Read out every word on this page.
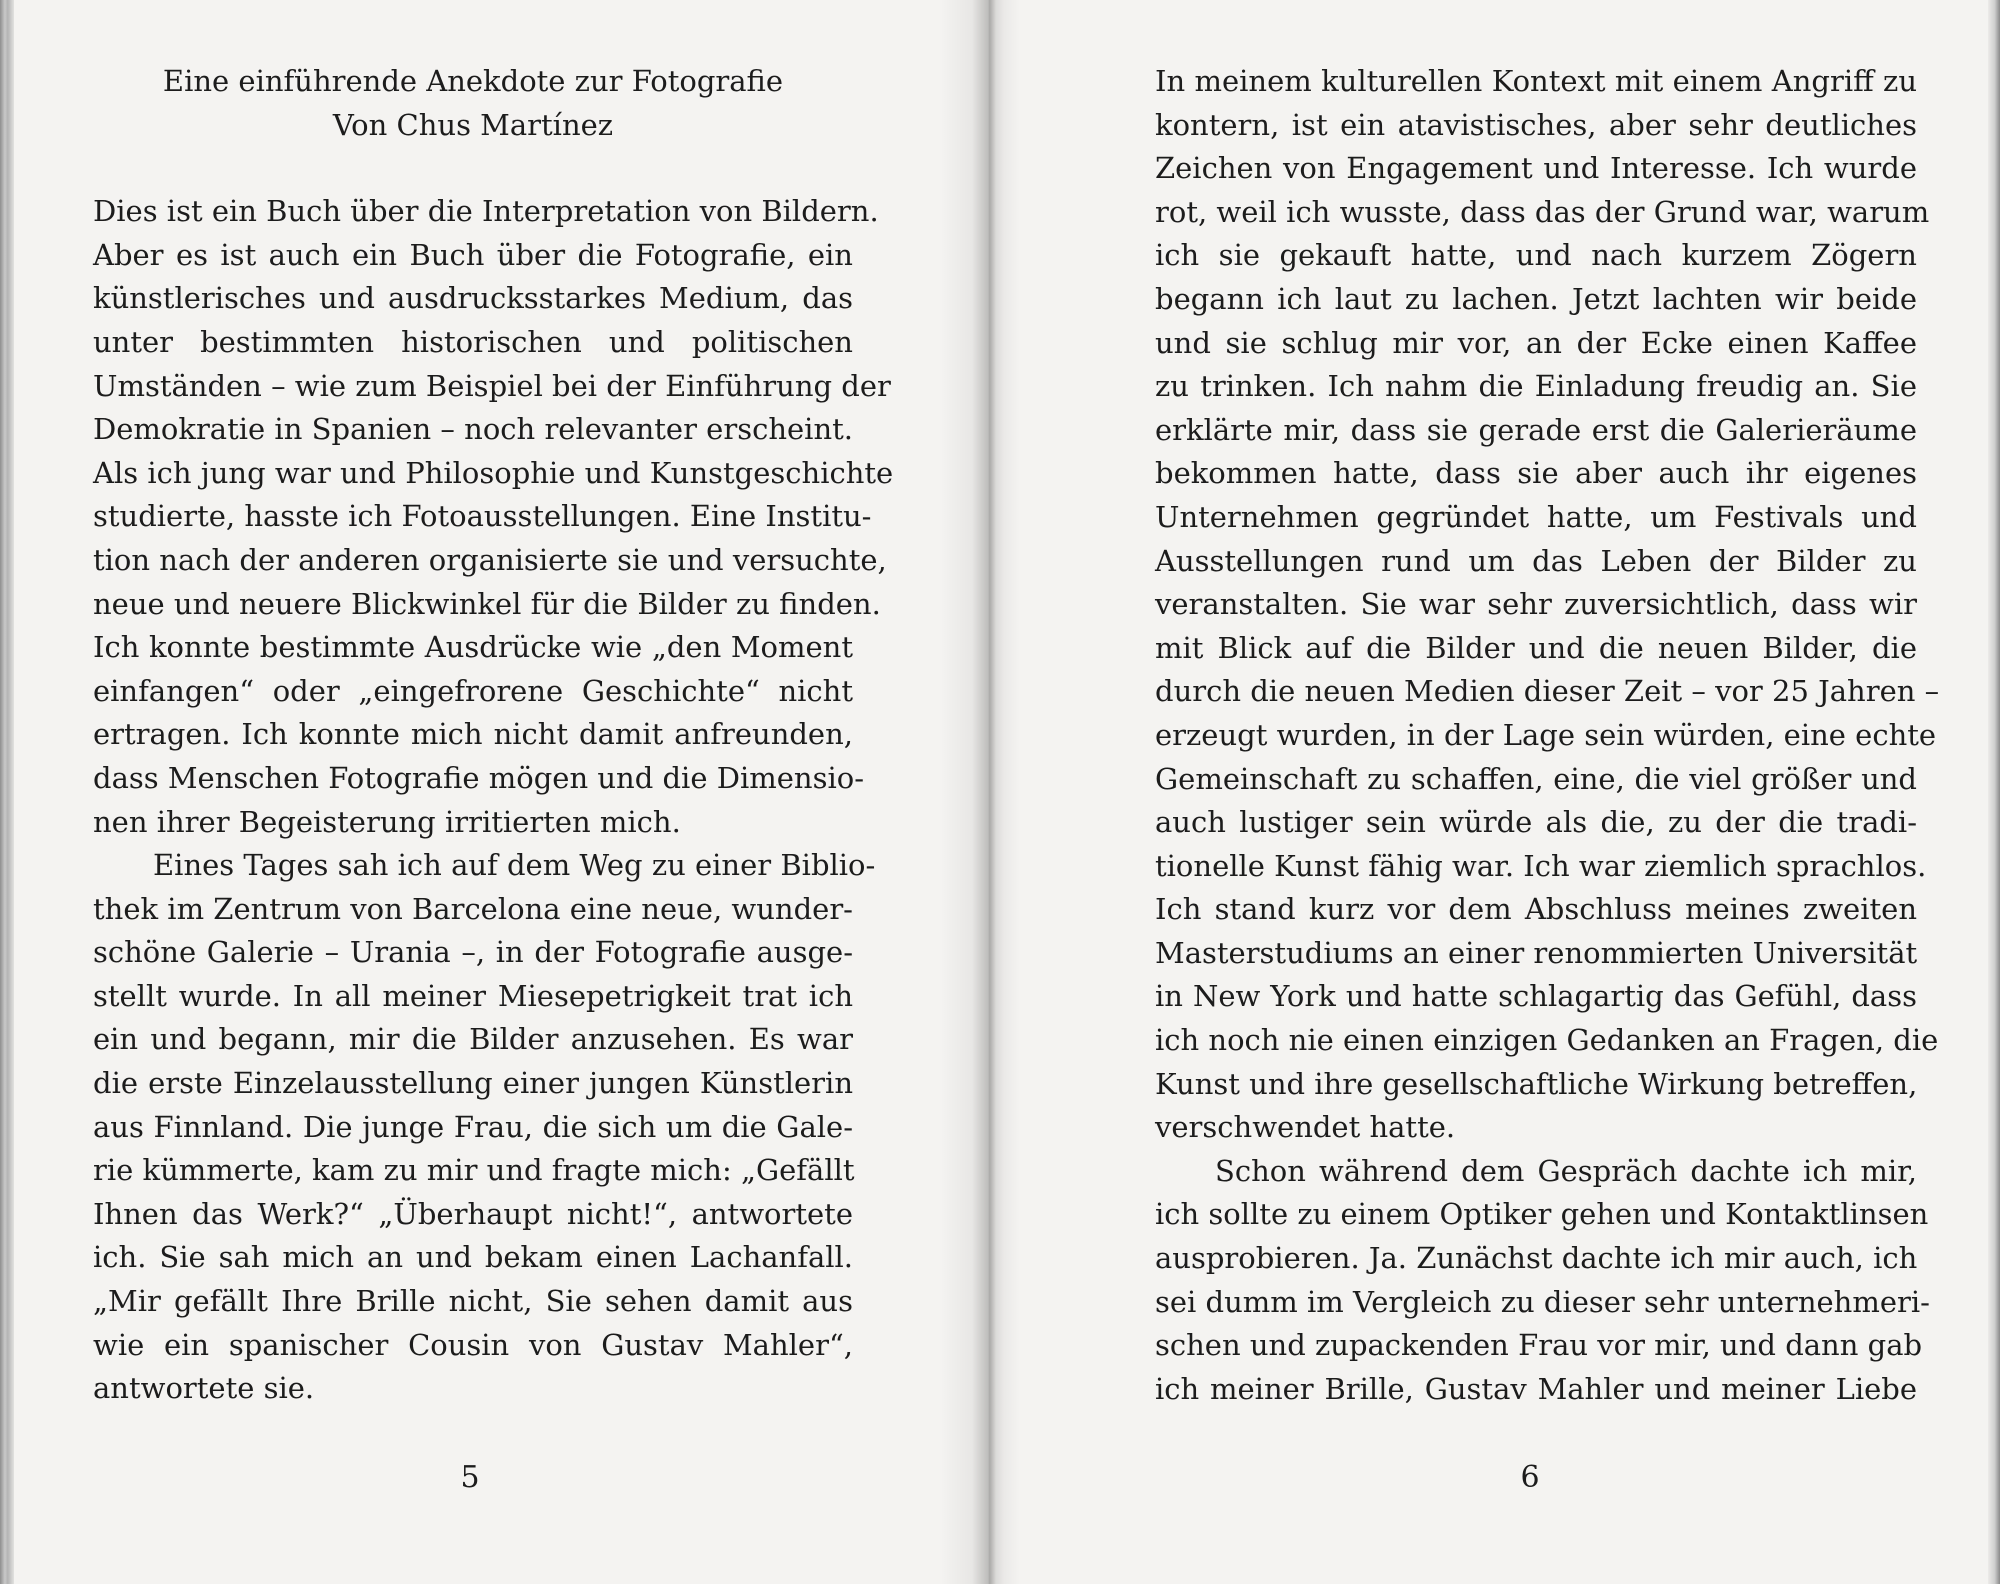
Eine einführende Anekdote zur Fotografie

Von Chus Martínez

Dies ist ein Buch über die Interpretation von Bildern.
Aber es ist auch ein Buch über die Fotografie, ein
künstlerisches und ausdrucksstarkes Medium, das
unter bestimmten historischen und politischen
Umständen – wie zum Beispiel bei der Einführung der
Demokratie in Spanien – noch relevanter erscheint.
Als ich jung war und Philosophie und Kunstgeschichte
studierte, hasste ich Fotoausstellungen. Eine Institu-
tion nach der anderen organisierte sie und versuchte,
neue und neuere Blickwinkel für die Bilder zu finden.
Ich konnte bestimmte Ausdrücke wie „den Moment
einfangen“ oder „eingefrorene Geschichte“ nicht
ertragen. Ich konnte mich nicht damit anfreunden,
dass Menschen Fotografie mögen und die Dimensio-
nen ihrer Begeisterung irritierten mich.
Eines Tages sah ich auf dem Weg zu einer Biblio-
thek im Zentrum von Barcelona eine neue, wunder-
schöne Galerie – Urania –, in der Fotografie ausge-
stellt wurde. In all meiner Miesepetrigkeit trat ich
ein und begann, mir die Bilder anzusehen. Es war
die erste Einzelausstellung einer jungen Künstlerin
aus Finnland. Die junge Frau, die sich um die Gale-
rie kümmerte, kam zu mir und fragte mich: „Gefällt
Ihnen das Werk?“ „Überhaupt nicht!“, antwortete
ich. Sie sah mich an und bekam einen Lachanfall.
„Mir gefällt Ihre Brille nicht, Sie sehen damit aus
wie ein spanischer Cousin von Gustav Mahler“,
antwortete sie.
In meinem kulturellen Kontext mit einem Angriff zu
kontern, ist ein atavistisches, aber sehr deutliches
Zeichen von Engagement und Interesse. Ich wurde
rot, weil ich wusste, dass das der Grund war, warum
ich sie gekauft hatte, und nach kurzem Zögern
begann ich laut zu lachen. Jetzt lachten wir beide
und sie schlug mir vor, an der Ecke einen Kaffee
zu trinken. Ich nahm die Einladung freudig an. Sie
erklärte mir, dass sie gerade erst die Galerieräume
bekommen hatte, dass sie aber auch ihr eigenes
Unternehmen gegründet hatte, um Festivals und
Ausstellungen rund um das Leben der Bilder zu
veranstalten. Sie war sehr zuversichtlich, dass wir
mit Blick auf die Bilder und die neuen Bilder, die
durch die neuen Medien dieser Zeit – vor 25 Jahren –
erzeugt wurden, in der Lage sein würden, eine echte
Gemeinschaft zu schaffen, eine, die viel größer und
auch lustiger sein würde als die, zu der die tradi-
tionelle Kunst fähig war. Ich war ziemlich sprachlos.
Ich stand kurz vor dem Abschluss meines zweiten
Masterstudiums an einer renommierten Universität
in New York und hatte schlagartig das Gefühl, dass
ich noch nie einen einzigen Gedanken an Fragen, die
Kunst und ihre gesellschaftliche Wirkung betreffen,
verschwendet hatte.
Schon während dem Gespräch dachte ich mir,
ich sollte zu einem Optiker gehen und Kontaktlinsen
ausprobieren. Ja. Zunächst dachte ich mir auch, ich
sei dumm im Vergleich zu dieser sehr unternehmeri-
schen und zupackenden Frau vor mir, und dann gab
ich meiner Brille, Gustav Mahler und meiner Liebe
5	6
